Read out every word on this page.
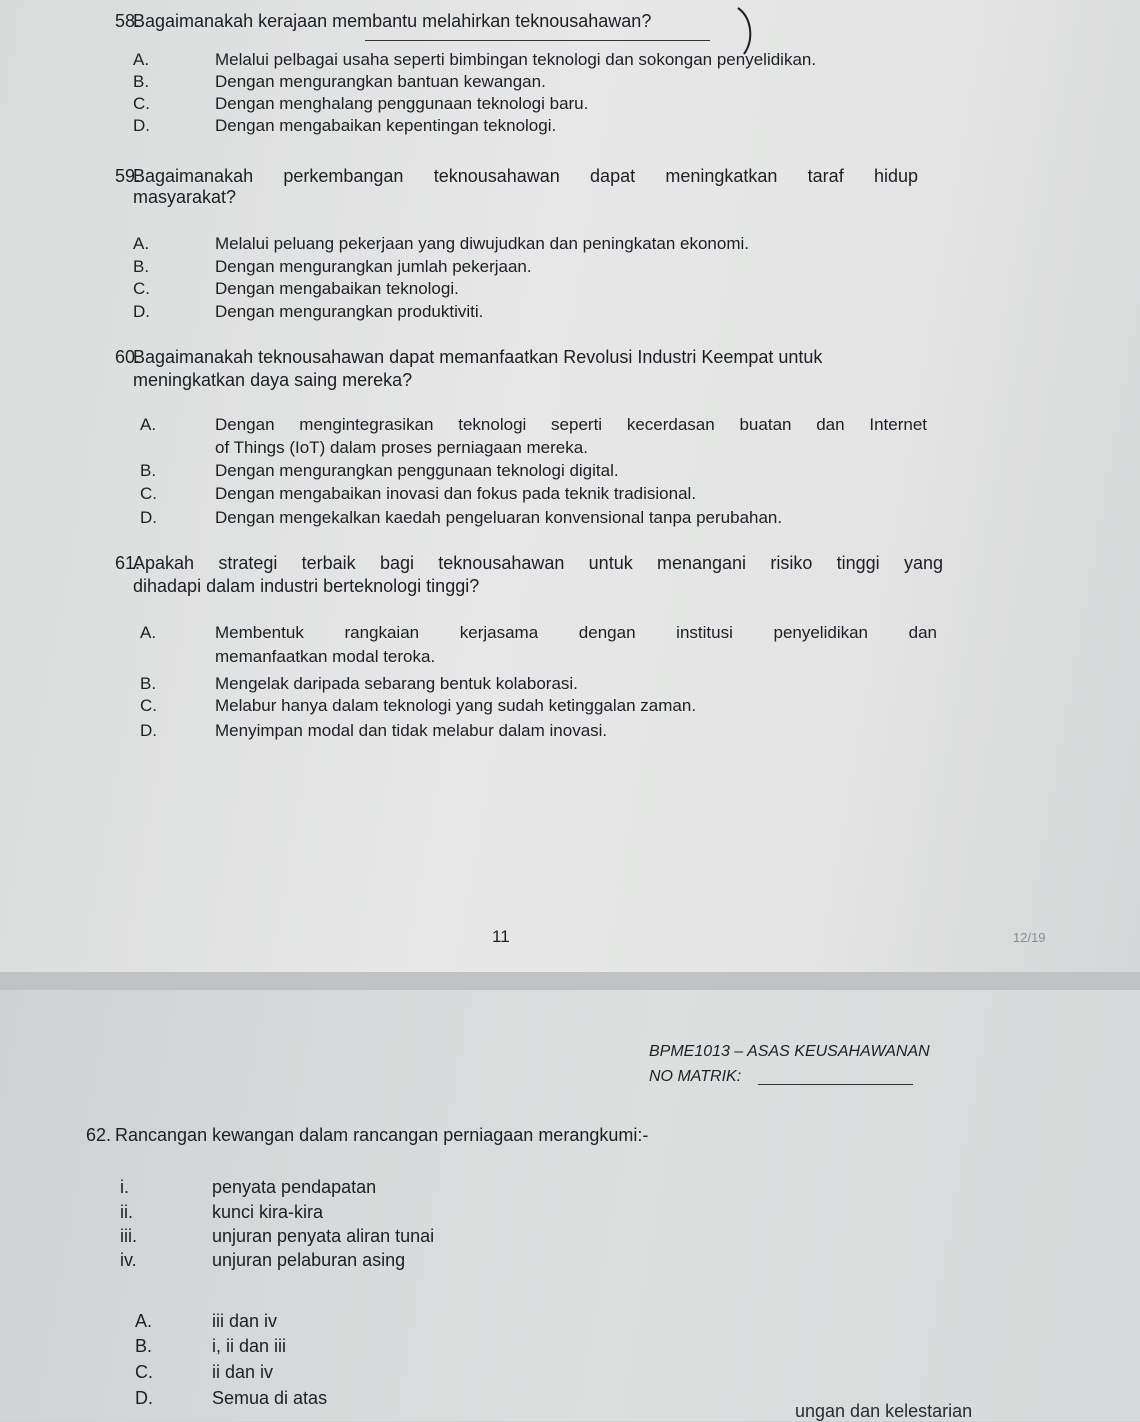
58.
Bagaimanakah kerajaan membantu melahirkan teknousahawan?
A.	Melalui pelbagai usaha seperti bimbingan teknologi dan sokongan penyelidikan.
B.	Dengan mengurangkan bantuan kewangan.
C.	Dengan menghalang penggunaan teknologi baru.
D.	Dengan mengabaikan kepentingan teknologi.
59.
Bagaimanakah perkembangan teknousahawan dapat meningkatkan taraf hidup
masyarakat?
A.	Melalui peluang pekerjaan yang diwujudkan dan peningkatan ekonomi.
B.	Dengan mengurangkan jumlah pekerjaan.
C.	Dengan mengabaikan teknologi.
D.	Dengan mengurangkan produktiviti.
60.
Bagaimanakah teknousahawan dapat memanfaatkan Revolusi Industri Keempat untuk
meningkatkan daya saing mereka?
A.	Dengan mengintegrasikan teknologi seperti kecerdasan buatan dan Internet
of Things (IoT) dalam proses perniagaan mereka.
B.	Dengan mengurangkan penggunaan teknologi digital.
C.	Dengan mengabaikan inovasi dan fokus pada teknik tradisional.
D.	Dengan mengekalkan kaedah pengeluaran konvensional tanpa perubahan.
61.
Apakah strategi terbaik bagi teknousahawan untuk menangani risiko tinggi yang
dihadapi dalam industri berteknologi tinggi?
A.	Membentuk rangkaian kerjasama dengan institusi penyelidikan dan
memanfaatkan modal teroka.
B.	Mengelak daripada sebarang bentuk kolaborasi.
C.	Melabur hanya dalam teknologi yang sudah ketinggalan zaman.
D.	Menyimpan modal dan tidak melabur dalam inovasi.
11	12/19
BPME1013 – ASAS KEUSAHAWANAN
NO MATRIK:
62. Rancangan kewangan dalam rancangan perniagaan merangkumi:-
i.	penyata pendapatan
ii.	kunci kira-kira
iii.	unjuran penyata aliran tunai
iv.	unjuran pelaburan asing
A.	iii dan iv
B.	i, ii dan iii
C.	ii dan iv
D.	Semua di atas
ungan dan kelestarian
